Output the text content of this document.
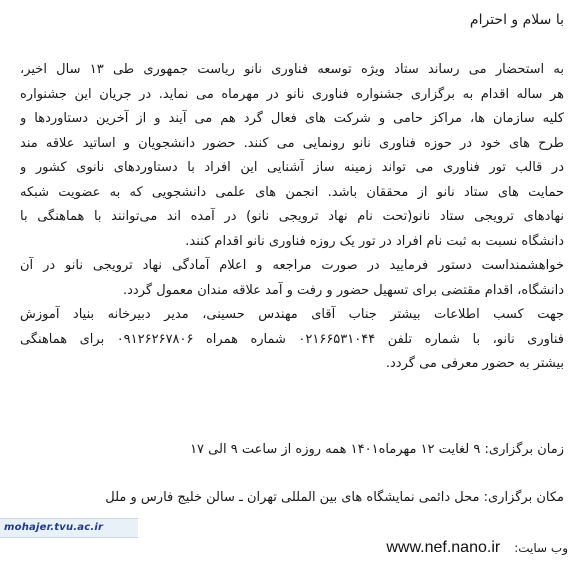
با سلام و احترام
به استحضار می رساند ستاد ویژه توسعه فناوری نانو ریاست جمهوری طی ۱۳ سال اخیر،
هر ساله اقدام به برگزاری جشنواره فناوری نانو در مهرماه می نماید. در جریان این جشنواره
کلیه سازمان ها، مراکز حامی و شرکت های فعال گرد هم می آیند و از آخرین دستاوردها و
طرح های خود در حوزه فناوری نانو رونمایی می کنند. حضور دانشجویان و اساتید علاقه مند
در قالب تور فناوری می تواند زمینه ساز آشنایی این افراد با دستاوردهای نانوی کشور و
حمایت های ستاد نانو از محققان باشد. انجمن های علمی دانشجویی که به عضویت شبکه
نهادهای ترویجی ستاد نانو(تحت نام نهاد ترویجی نانو) در آمده اند می‌توانند با هماهنگی با
دانشگاه نسبت به ثبت نام افراد در تور یک روزه فناوری نانو اقدام کنند.
خواهشمنداست دستور فرمایید در صورت مراجعه و اعلام آمادگی نهاد ترویجی نانو در آن
دانشگاه، اقدام مقتضی برای تسهیل حضور و رفت و آمد علاقه مندان معمول گردد.
جهت کسب اطلاعات بیشتر جناب آقای مهندس حسینی، مدیر دبیرخانه بنیاد آموزش
فناوری نانو، با شماره تلفن ۰۲۱۶۶۵۳۱۰۴۴ شماره همراه ۰۹۱۲۶۲۶۷۸۰۶ برای هماهنگی
بیشتر به حضور معرفی می گردد.
زمان برگزاری: ۹ لغایت ۱۲ مهرماه۱۴۰۱ همه روزه از ساعت ۹ الی ۱۷
مکان برگزاری: محل دائمی نمایشگاه های بین المللی تهران ـ سالن خلیج فارس و ملل
mohajer.tvu.ac.ir
وب سایت:
www.nef.nano.ir
